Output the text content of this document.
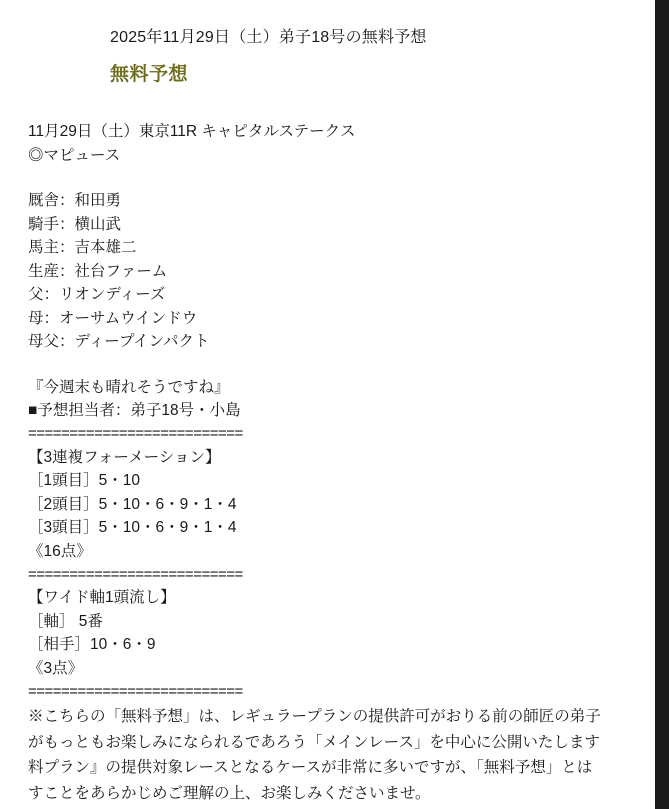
2025年11月29日（土）弟子18号の無料予想
無料予想
11月29日（土）東京11R キャピタルステークス
◎マピュース
厩舎：和田勇
騎手：横山武
馬主：吉本雄二
生産：社台ファーム
父：リオンディーズ
母：オーサムウインドウ
母父：ディープインパクト
『今週末も晴れそうですね』
■予想担当者：弟子18号・小島
==========================
【3連複フォーメーション】
［1頭目］5・10
［2頭目］5・10・6・9・1・4
［3頭目］5・10・6・9・1・4
《16点》
==========================
【ワイド軸1頭流し】
［軸］ 5番
［相手］10・6・9
《3点》
==========================
※こちらの「無料予想」は、レギュラープランの提供許可がおりる前の師匠の弟子
がもっともお楽しみになられるであろう「メインレース」を中心に公開いたします
料プラン』の提供対象レースとなるケースが非常に多いですが、「無料予想」とは
すことをあらかじめご理解の上、お楽しみくださいませ。
